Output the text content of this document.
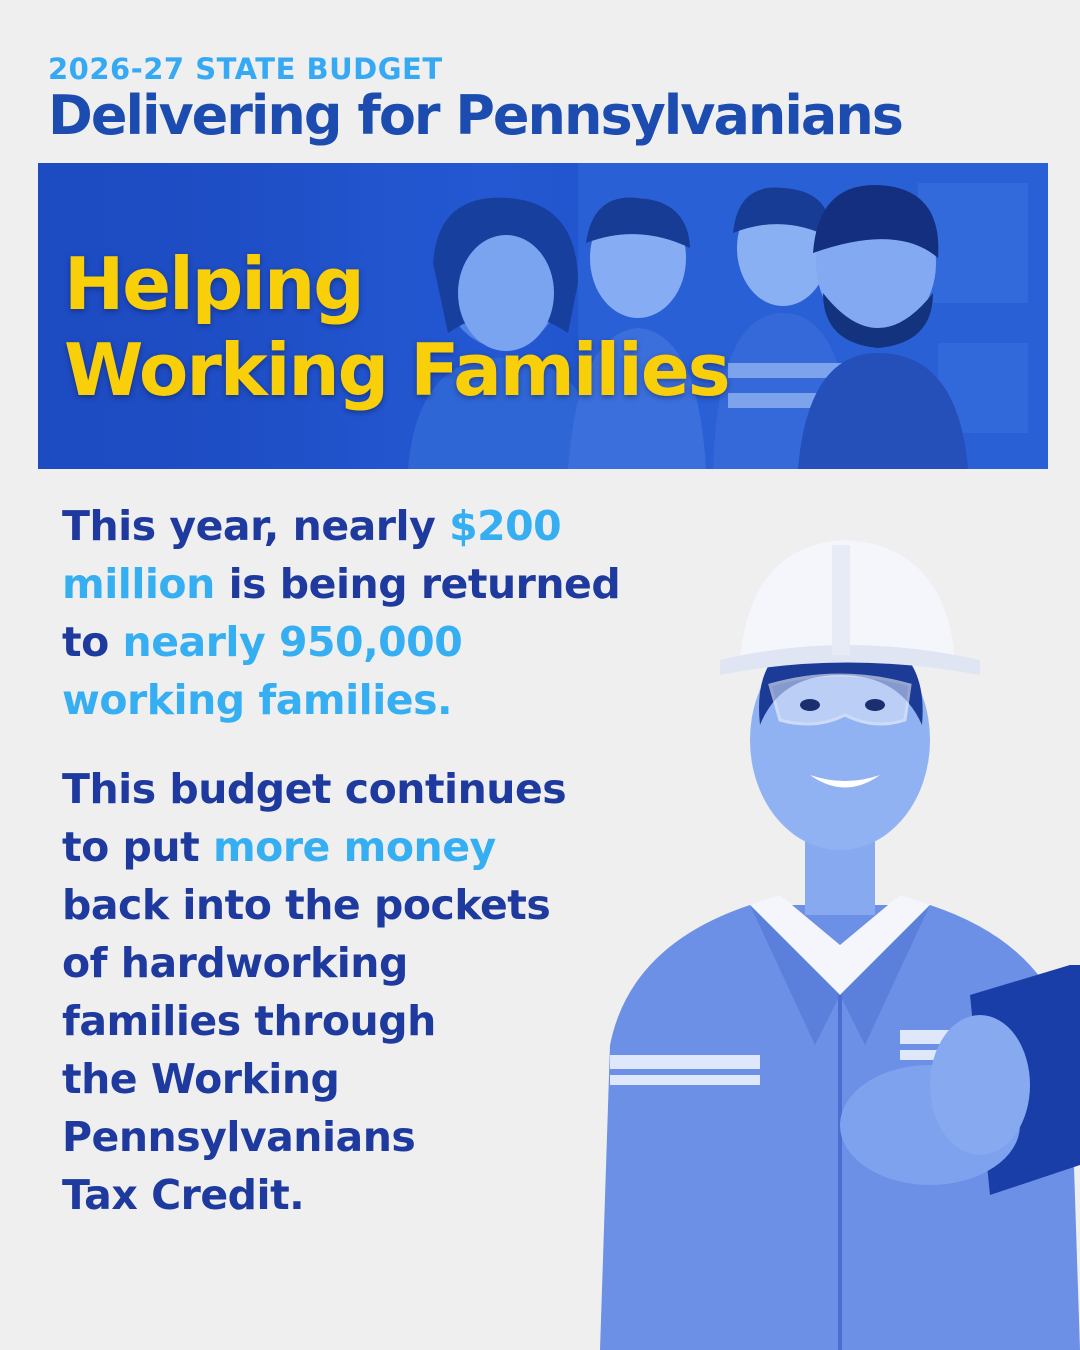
2026-27 STATE BUDGET
Delivering for Pennsylvanians
Helping
Working Families

This year, nearly $200
million is being returned
to nearly 950,000
working families.

This budget continues
to put more money
back into the pockets
of hardworking
families through
the Working
Pennsylvanians
Tax Credit.
